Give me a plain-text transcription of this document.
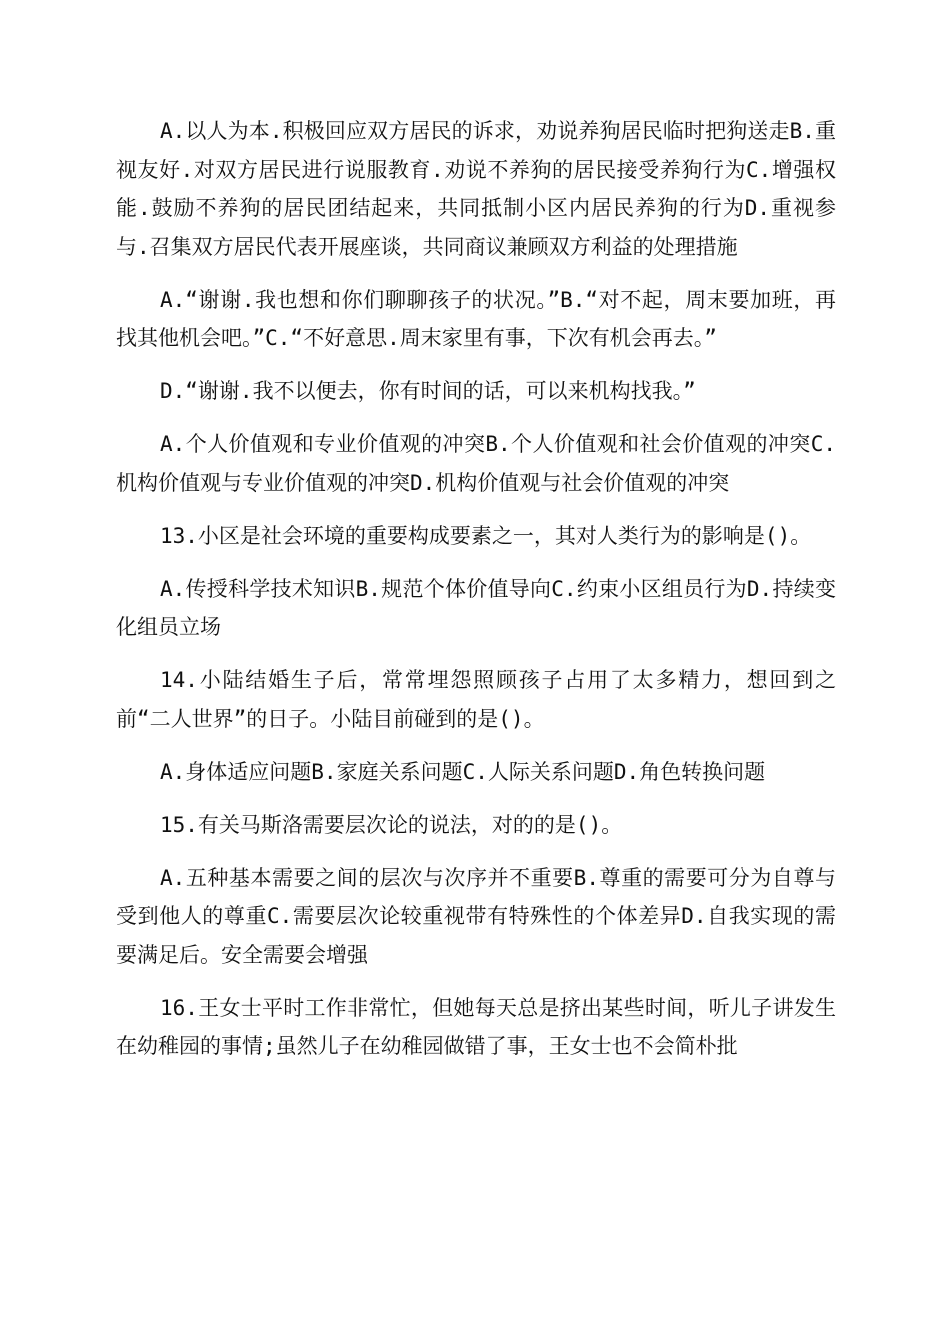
A.以人为本.积极回应双方居民的诉求，劝说养狗居民临时把狗送走B.重视友好.对双方居民进行说服教育.劝说不养狗的居民接受养狗行为C.增强权能.鼓励不养狗的居民团结起来，共同抵制小区内居民养狗的行为D.重视参与.召集双方居民代表开展座谈，共同商议兼顾双方利益的处理措施

A.“谢谢.我也想和你们聊聊孩子的状况。”B.“对不起，周末要加班，再找其他机会吧。”C.“不好意思.周末家里有事，下次有机会再去。”

D.“谢谢.我不以便去，你有时间的话，可以来机构找我。”

A.个人价值观和专业价值观的冲突B.个人价值观和社会价值观的冲突C.机构价值观与专业价值观的冲突D.机构价值观与社会价值观的冲突

13.小区是社会环境的重要构成要素之一，其对人类行为的影响是()。

A.传授科学技术知识B.规范个体价值导向C.约束小区组员行为D.持续变化组员立场

14.小陆结婚生子后，常常埋怨照顾孩子占用了太多精力，想回到之前“二人世界”的日子。小陆目前碰到的是()。

A.身体适应问题B.家庭关系问题C.人际关系问题D.角色转换问题

15.有关马斯洛需要层次论的说法，对的的是()。

A.五种基本需要之间的层次与次序并不重要B.尊重的需要可分为自尊与受到他人的尊重C.需要层次论较重视带有特殊性的个体差异D.自我实现的需要满足后。安全需要会增强

16.王女士平时工作非常忙，但她每天总是挤出某些时间，听儿子讲发生在幼稚园的事情;虽然儿子在幼稚园做错了事，王女士也不会简朴批
